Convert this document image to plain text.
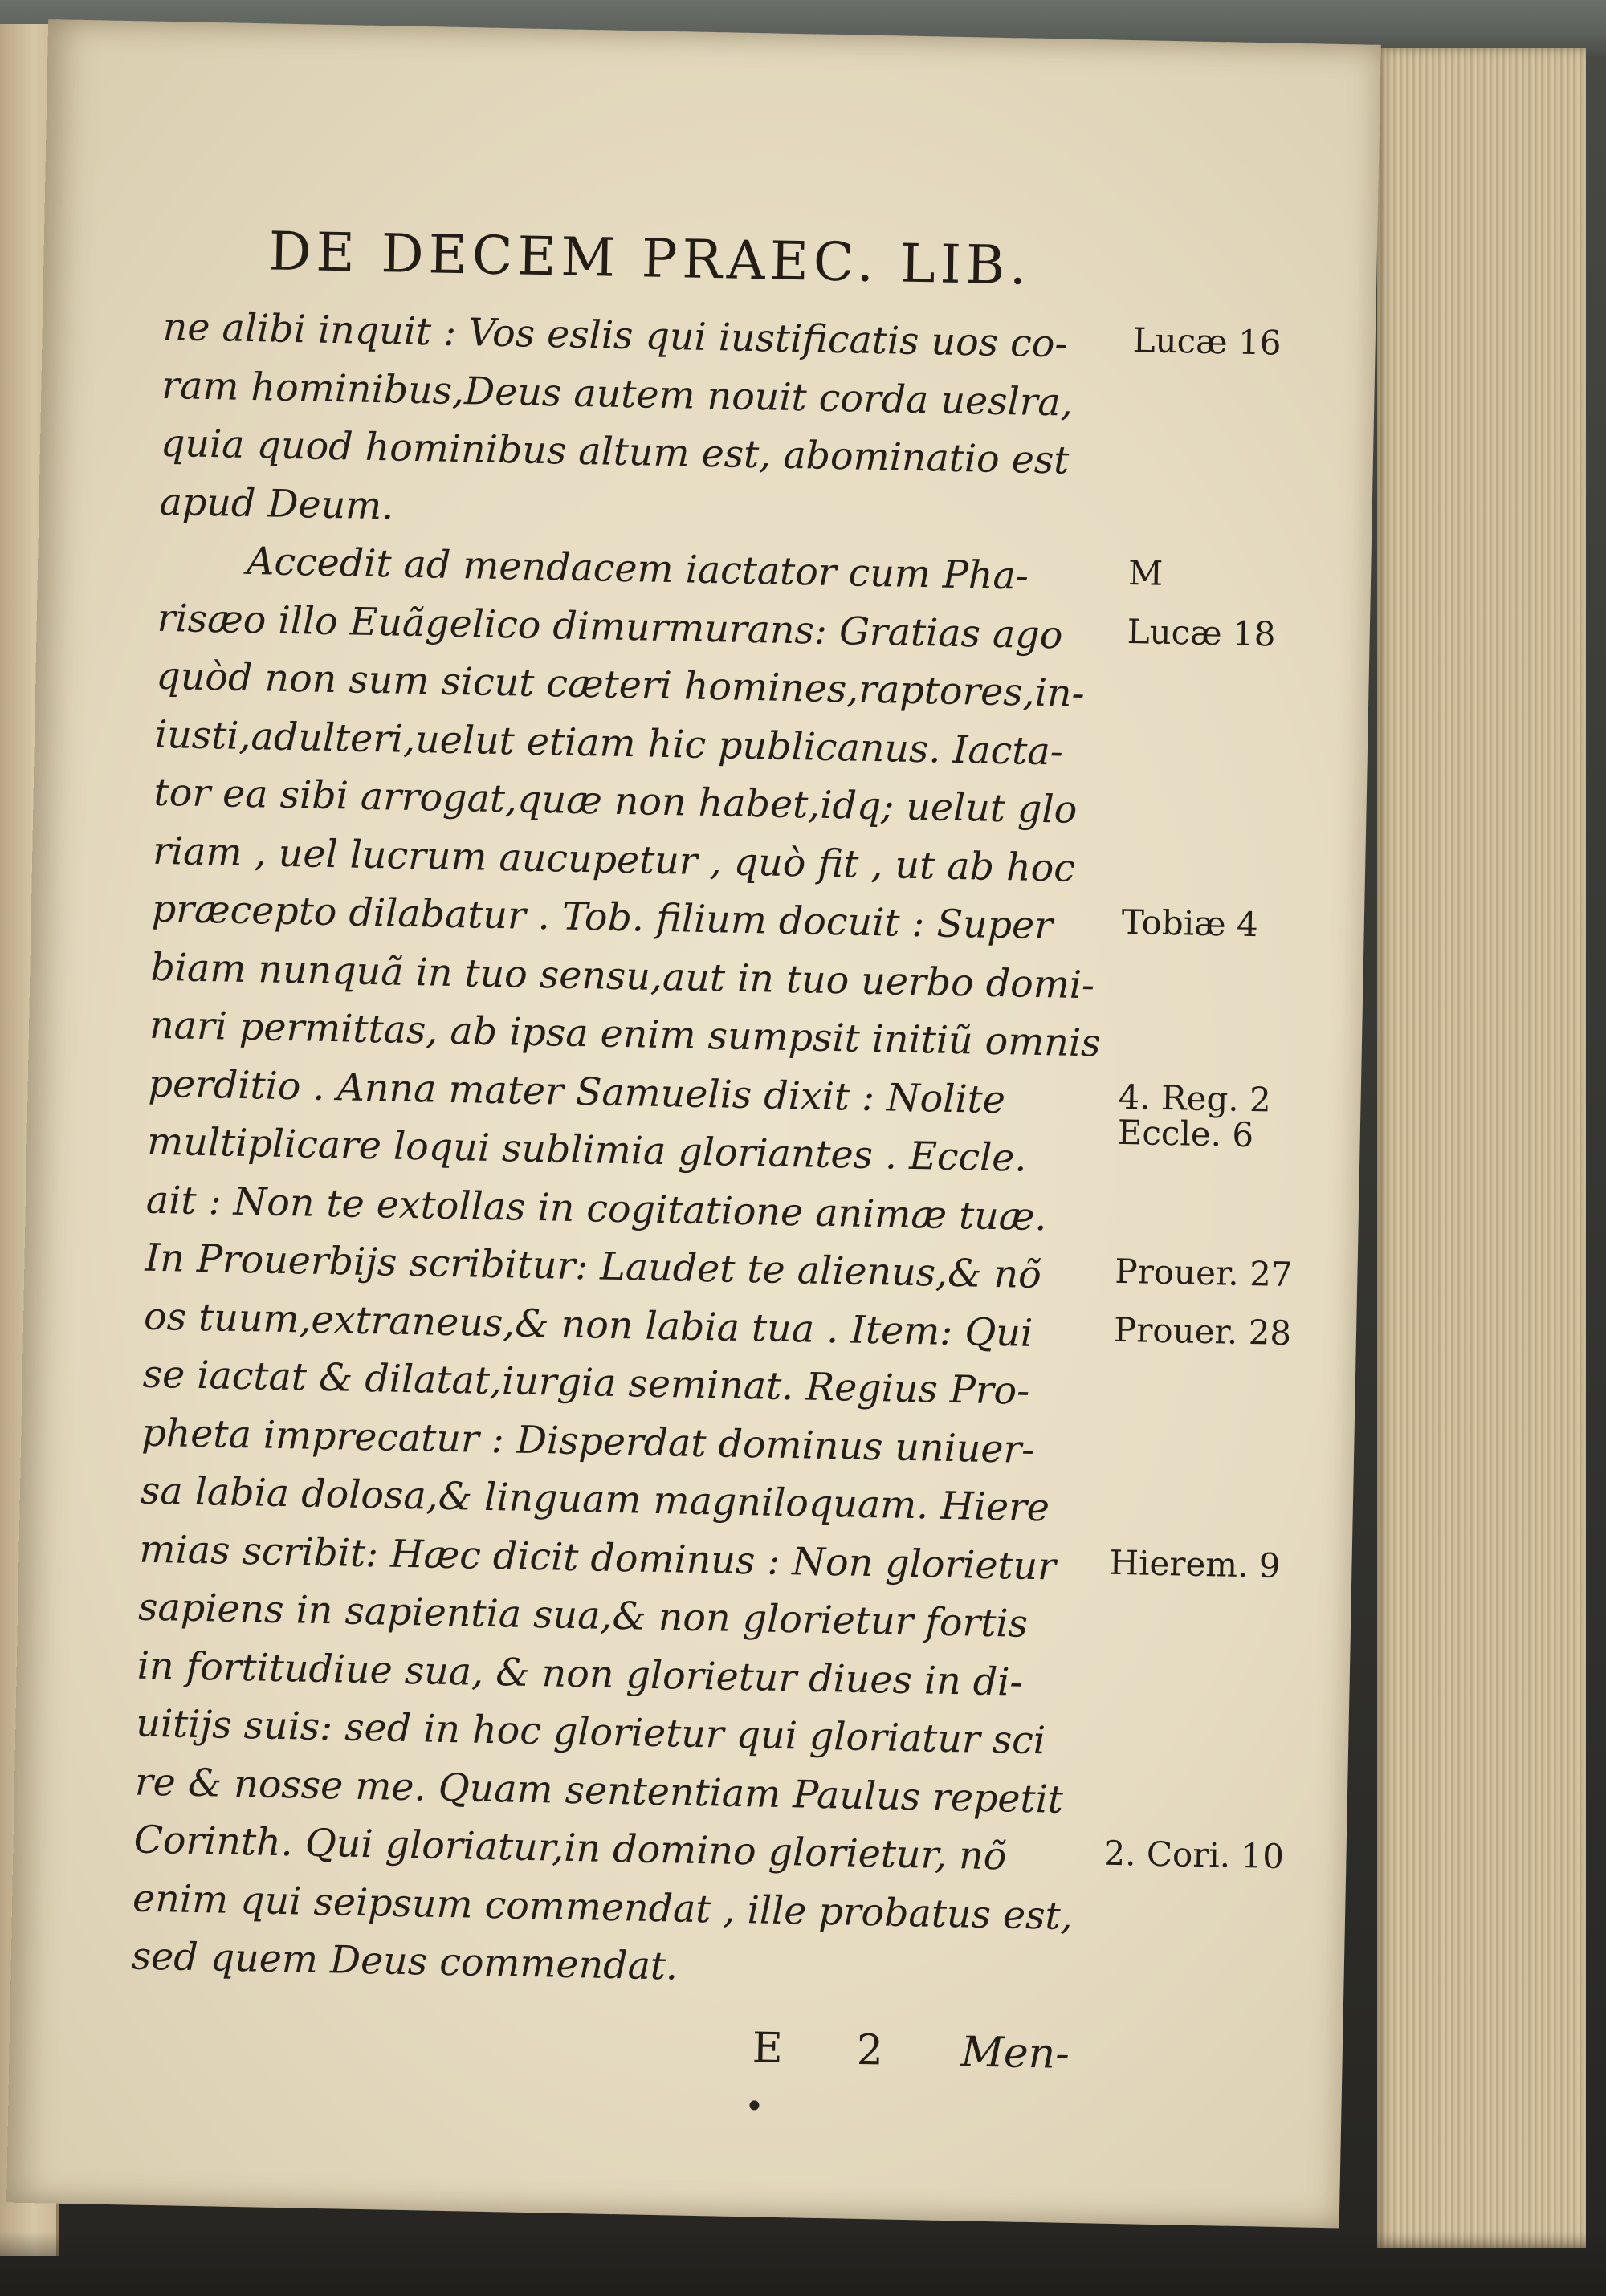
DE DECEM PRAEC. LIB.
ne alibi inquit : Vos eslis qui iustificatis uos co-
ram hominibus,Deus autem nouit corda ueslra,
quia quod hominibus altum est, abominatio est
apud Deum.
Accedit ad mendacem iactator cum Pha-
risæo illo Euãgelico dimurmurans: Gratias ago
quòd non sum sicut cæteri homines,raptores,in-
iusti,adulteri,uelut etiam hic publicanus. Iacta-
tor ea sibi arrogat,quæ non habet,idq; uelut glo
riam , uel lucrum aucupetur , quò fit , ut ab hoc
præcepto dilabatur . Tob. filium docuit : Super
biam nunquã in tuo sensu,aut in tuo uerbo domi-
nari permittas, ab ipsa enim sumpsit initiũ omnis
perditio . Anna mater Samuelis dixit : Nolite
multiplicare loqui sublimia gloriantes . Eccle.
ait : Non te extollas in cogitatione animæ tuæ.
In Prouerbijs scribitur: Laudet te alienus,& nõ
os tuum,extraneus,& non labia tua . Item: Qui
se iactat & dilatat,iurgia seminat. Regius Pro-
pheta imprecatur : Disperdat dominus uniuer-
sa labia dolosa,& linguam magniloquam. Hiere
mias scribit: Hæc dicit dominus : Non glorietur
sapiens in sapientia sua,& non glorietur fortis
in fortitudiue sua, & non glorietur diues in di-
uitijs suis: sed in hoc glorietur qui gloriatur sci
re & nosse me. Quam sententiam Paulus repetit
Corinth. Qui gloriatur,in domino glorietur, nõ
enim qui seipsum commendat , ille probatus est,
sed quem Deus commendat.
Lucæ 16
M
Lucæ 18
Tobiæ 4
4. Reg. 2
Eccle. 6
Prouer. 27
Prouer. 28
Hierem. 9
2. Cori. 10
E 2 Men-
